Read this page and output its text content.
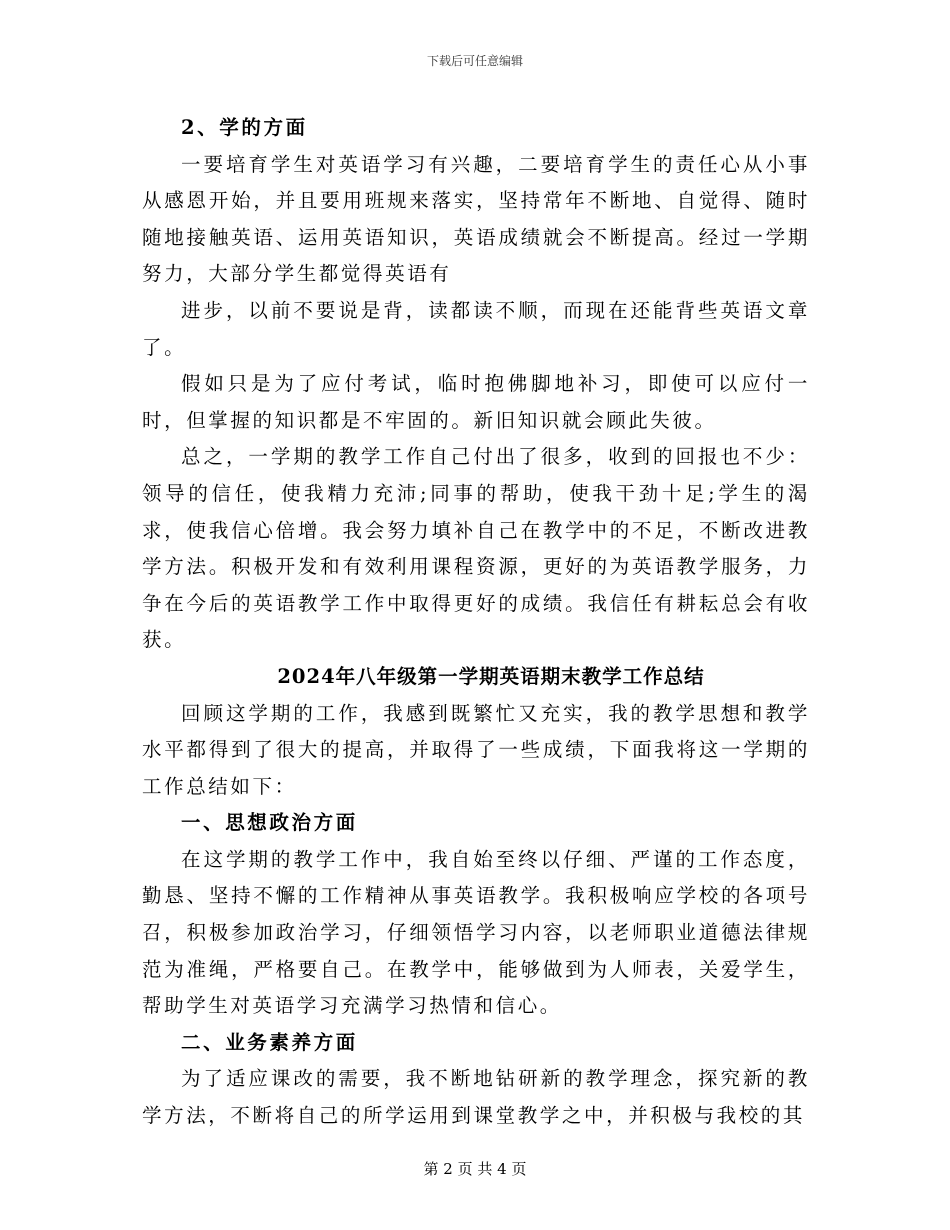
下载后可任意编辑
2、学的方面

一要培育学生对英语学习有兴趣，二要培育学生的责任心从小事从感恩开始，并且要用班规来落实，坚持常年不断地、自觉得、随时随地接触英语、运用英语知识，英语成绩就会不断提高。经过一学期努力，大部分学生都觉得英语有

进步，以前不要说是背，读都读不顺，而现在还能背些英语文章了。

假如只是为了应付考试，临时抱佛脚地补习，即使可以应付一时，但掌握的知识都是不牢固的。新旧知识就会顾此失彼。

总之，一学期的教学工作自己付出了很多，收到的回报也不少：领导的信任，使我精力充沛;同事的帮助，使我干劲十足;学生的渴求，使我信心倍增。我会努力填补自己在教学中的不足，不断改进教学方法。积极开发和有效利用课程资源，更好的为英语教学服务，力争在今后的英语教学工作中取得更好的成绩。我信任有耕耘总会有收获。

2024年八年级第一学期英语期末教学工作总结

回顾这学期的工作，我感到既繁忙又充实，我的教学思想和教学水平都得到了很大的提高，并取得了一些成绩，下面我将这一学期的工作总结如下：

一、思想政治方面

在这学期的教学工作中，我自始至终以仔细、严谨的工作态度，勤恳、坚持不懈的工作精神从事英语教学。我积极响应学校的各项号召，积极参加政治学习，仔细领悟学习内容，以老师职业道德法律规范为准绳，严格要自己。在教学中，能够做到为人师表，关爱学生，帮助学生对英语学习充满学习热情和信心。

二、业务素养方面

为了适应课改的需要，我不断地钻研新的教学理念，探究新的教学方法，不断将自己的所学运用到课堂教学之中，并积极与我校的其

第 2 页 共 4 页
